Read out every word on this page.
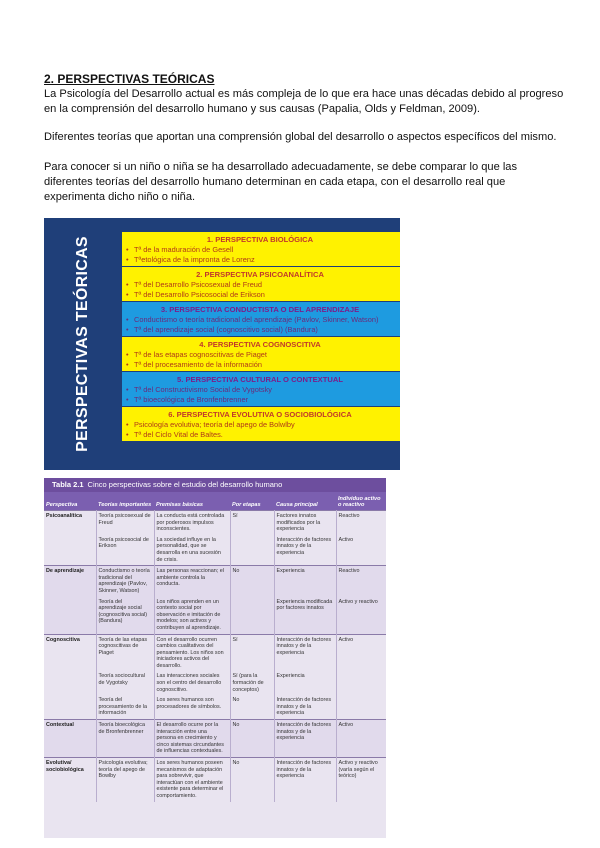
2. PERSPECTIVAS TEÓRICAS
La Psicología del Desarrollo actual es más compleja de lo que era hace unas décadas debido al progreso en la comprensión del desarrollo humano y sus causas (Papalia, Olds y Feldman, 2009).
Diferentes teorías que aportan una comprensión global del desarrollo o aspectos específicos del mismo.
Para conocer si un niño o niña se ha desarrollado adecuadamente, se debe comparar lo que las diferentes teorías del desarrollo humano determinan en cada etapa, con el desarrollo real que experimenta dicho niño o niña.
PERSPECTIVAS TEÓRICAS	1. PERSPECTIVA BIOLÓGICA
• Tª de la maduración de Gesell
• Tªetológica de la impronta de Lorenz
2. PERSPECTIVA PSICOANALÍTICA
• Tª del Desarrollo Psicosexual de Freud
• Tª del Desarrollo Psicosocial de Erikson
3. PERSPECTIVA CONDUCTISTA O DEL APRENDIZAJE
• Conductismo o teoría tradicional del aprendizaje (Pavlov, Skinner, Watson)
• Tª del aprendizaje social (cognoscitivo social) (Bandura)
4. PERSPECTIVA COGNOSCITIVA
• Tª de las etapas cognoscitivas de Piaget
• Tª del procesamiento de la información
5. PERSPECTIVA CULTURAL O CONTEXTUAL
• Tª del Constructivismo Social de Vygotsky
• Tª bioecológica de Bronfenbrenner
6. PERSPECTIVA EVOLUTIVA O SOCIOBIOLÓGICA
• Psicología evolutiva; teoría del apego de Bolwlby
• Tª del Ciclo Vital de Baltes.
Tabla 2.1 Cinco perspectivas sobre el estudio del desarrollo humano
Perspectiva	Teorías importantes	Premisas básicas	Por etapas	Causa principal	Individuo activo o reactivo
Psicoanalítica	Teoría psicosexual de Freud	La conducta está controlada por poderosos impulsos inconscientes.	Sí	Factores innatos modificados por la experiencia	Reactivo
	Teoría psicosocial de Erikson	La sociedad influye en la personalidad, que se desarrolla en una sucesión de crisis.		Interacción de factores innatos y de la experiencia	Activo
De aprendizaje	Conductismo o teoría tradicional del aprendizaje (Pavlov, Skinner, Watson)	Las personas reaccionan; el ambiente controla la conducta.	No	Experiencia	Reactivo
	Teoría del aprendizaje social (cognoscitiva social) (Bandura)	Los niños aprenden en un contexto social por observación e imitación de modelos; son activos y contribuyen al aprendizaje.		Experiencia modificada por factores innatos	Activo y reactivo
Cognoscitiva	Teoría de las etapas cognoscitivas de Piaget	Con el desarrollo ocurren cambios cualitativos del pensamiento. Los niños son iniciadores activos del desarrollo.	Sí	Interacción de factores innatos y de la experiencia	Activo
	Teoría sociocultural de Vygotsky	Las interacciones sociales son el centro del desarrollo cognoscitivo.	Sí (para la formación de conceptos)	Experiencia	
	Teoría del procesamiento de la información	Los seres humanos son procesadores de símbolos.	No	Interacción de factores innatos y de la experiencia	
Contextual	Teoría bioecológica de Bronfenbrenner	El desarrollo ocurre por la interacción entre una persona en crecimiento y cinco sistemas circundantes de influencias contextuales.	No	Interacción de factores innatos y de la experiencia	Activo
Evolutiva/ sociobiológica	Psicología evolutiva; teoría del apego de Bowlby	Los seres humanos poseen mecanismos de adaptación para sobrevivir, que interactúan con el ambiente existente para determinar el comportamiento.	No	Interacción de factores innatos y de la experiencia	Activo y reactivo (varía según el teórico)
